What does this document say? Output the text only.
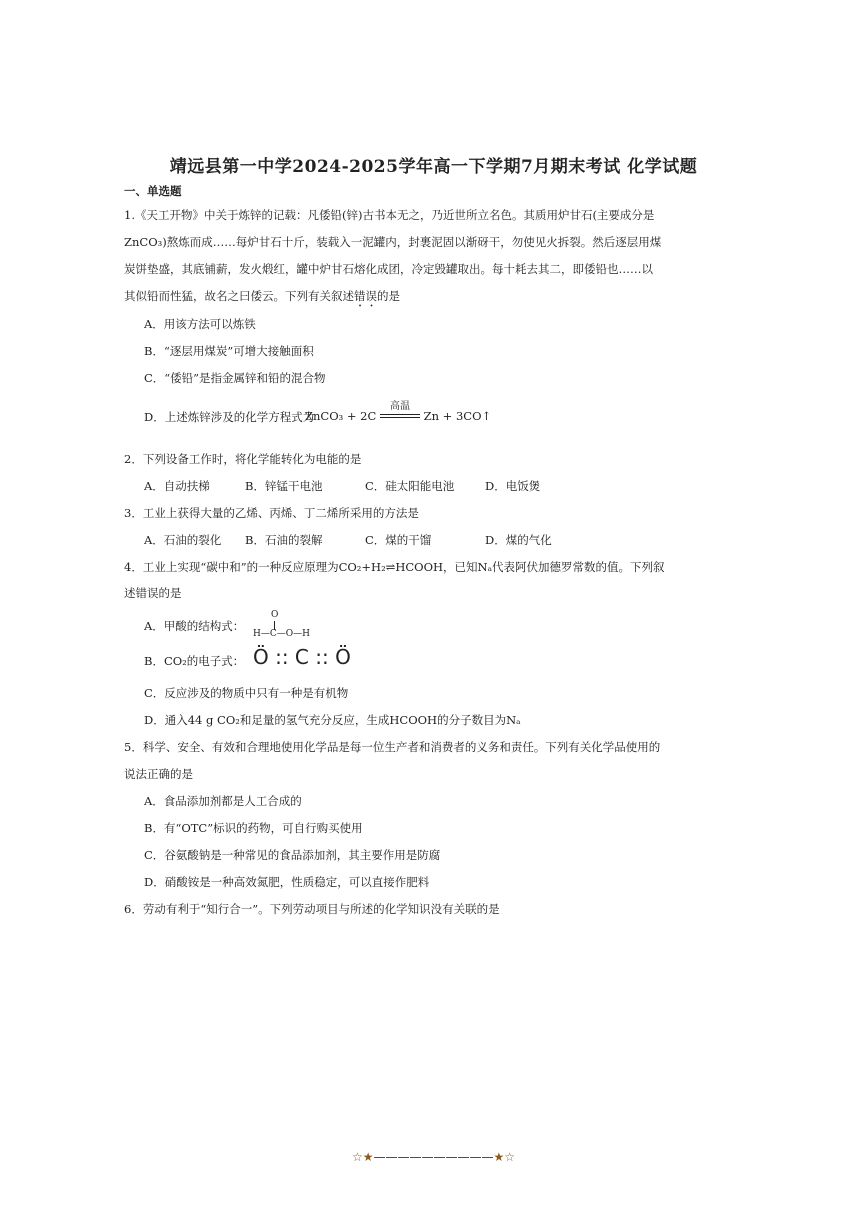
靖远县第一中学2024-2025学年高一下学期7月期末考试 化学试题
一、单选题
1.《天工开物》中关于炼锌的记载：凡倭铅(锌)古书本无之，乃近世所立名色。其质用炉甘石(主要成分是
ZnCO₃)熬炼而成……每炉甘石十斤，装载入一泥罐内，封裹泥固以渐砑干，勿使见火拆裂。然后逐层用煤
炭饼垫盛，其底铺薪，发火煅红，罐中炉甘石熔化成团，冷定毁罐取出。每十耗去其二，即倭铅也……以
其似铅而性猛，故名之曰倭云。下列有关叙述错误的是
A．用该方法可以炼铁
B．“逐层用煤炭”可增大接触面积
C．“倭铅”是指金属锌和铅的混合物
D．上述炼锌涉及的化学方程式为
ZnCO₃ + 2C
高温
Zn + 3CO↑
2．下列设备工作时，将化学能转化为电能的是
A．自动扶梯	B．锌锰干电池	C．硅太阳能电池	D．电饭煲
3．工业上获得大量的乙烯、丙烯、丁二烯所采用的方法是
A．石油的裂化 B．石油的裂解	C．煤的干馏	D．煤的气化
4．工业上实现“碳中和”的一种反应原理为CO₂+H₂⇌HCOOH，已知Nₐ代表阿伏加德罗常数的值。下列叙
述错误的是
A．甲酸的结构式：
O
H—C—O—H
B．CO₂的电子式： Ö :: C :: Ö
C．反应涉及的物质中只有一种是有机物
D．通入44 g CO₂和足量的氢气充分反应，生成HCOOH的分子数目为Nₐ
5．科学、安全、有效和合理地使用化学品是每一位生产者和消费者的义务和责任。下列有关化学品使用的
说法正确的是
A．食品添加剂都是人工合成的
B．有“OTC”标识的药物，可自行购买使用
C．谷氨酸钠是一种常见的食品添加剂，其主要作用是防腐
D．硝酸铵是一种高效氮肥，性质稳定，可以直接作肥料
6．劳动有利于“知行合一”。下列劳动项目与所述的化学知识没有关联的是
☆★——————————★☆
